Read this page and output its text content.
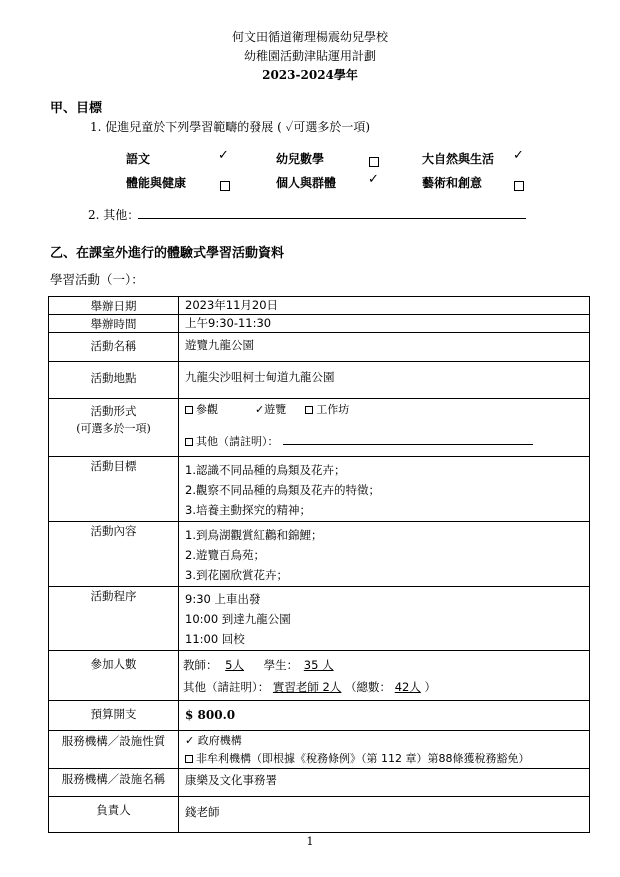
何文田循道衛理楊震幼兒學校
幼稚園活動津貼運用計劃
2023-2024學年
甲、目標
1. 促進兒童於下列學習範疇的發展 ( ✓可選多於一項)
語文	✓	幼兒數學	大自然與生活 ✓
體能與健康	個人與群體 ✓	藝術和創意
2. 其他：
乙、在課室外進行的體驗式學習活動資料
學習活動（一）：
舉辦日期	2023年11月20日

舉辦時間	上午9:30-11:30

活動名稱	遊覽九龍公園

活動地點	九龍尖沙咀柯士甸道九龍公園

活動形式
(可選多於一項)	參觀 ✓遊覽 工作坊
其他（請註明）：

活動目標	1.認識不同品種的鳥類及花卉；
2.觀察不同品種的鳥類及花卉的特徵；
3.培養主動探究的精神；

活動內容	1.到鳥湖觀賞紅鸛和錦鯉；
2.遊覽百鳥苑；
3.到花園欣賞花卉；

活動程序	9:30 上車出發
10:00 到達九龍公園
11:00 回校

參加人數	教師： 5人 學生： 35 人
其他（請註明）： 實習老師 2人 （總數： 42人 ）

預算開支	$ 800.0

服務機構／設施性質	✓ 政府機構
非牟利機構（即根據《稅務條例》（第 112 章）第88條獲稅務豁免）

服務機構／設施名稱	康樂及文化事務署

負責人	錢老師
1
